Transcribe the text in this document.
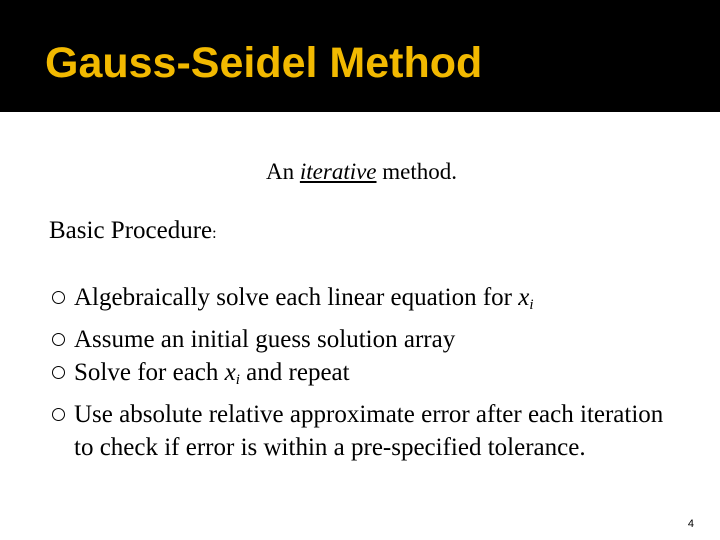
Gauss-Seidel Method
An iterative method.
Basic Procedure:
Algebraically solve each linear equation for $x_i$
Assume an initial guess solution array
Solve for each $x_i$ and repeat
Use absolute relative approximate error after each iteration to check if error is within a pre-specified tolerance.
4
